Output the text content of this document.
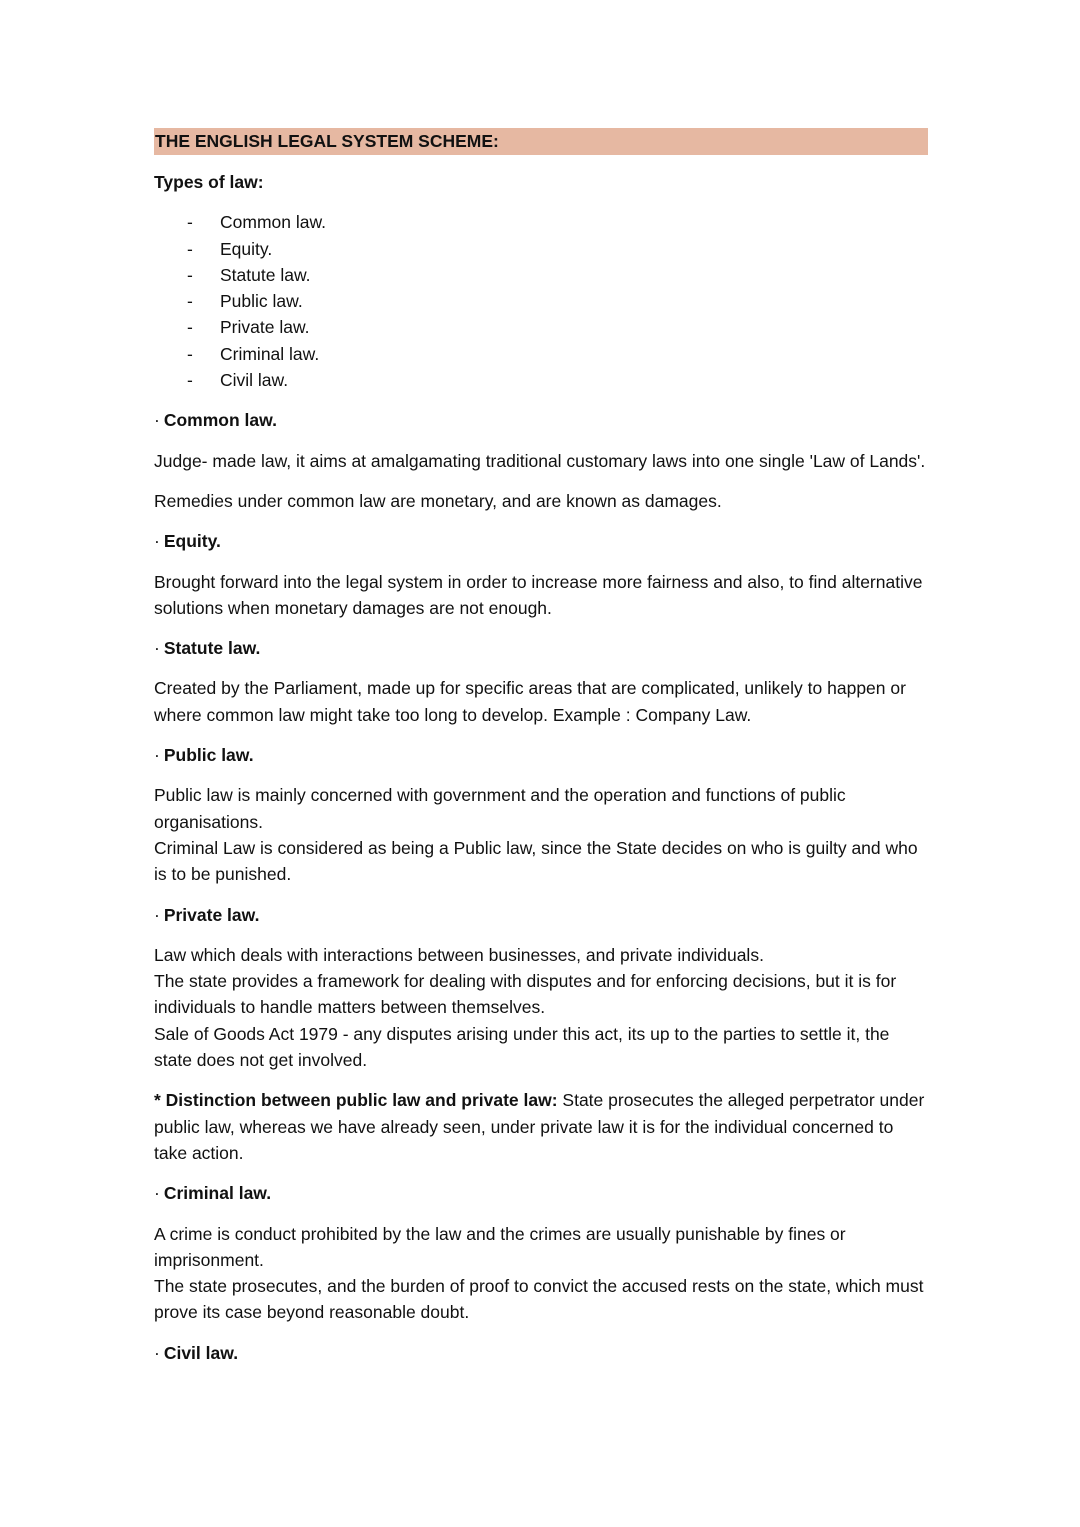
THE ENGLISH LEGAL SYSTEM SCHEME:
Types of law:
- Common law.
- Equity.
- Statute law.
- Public law.
- Private law.
- Criminal law.
- Civil law.
· Common law.

Judge- made law, it aims at amalgamating traditional customary laws into one single 'Law of Lands'.

Remedies under common law are monetary, and are known as damages.

· Equity.

Brought forward into the legal system in order to increase more fairness and also, to find alternative solutions when monetary damages are not enough.

· Statute law.

Created by the Parliament, made up for specific areas that are complicated, unlikely to happen or where common law might take too long to develop. Example : Company Law.

· Public law.

Public law is mainly concerned with government and the operation and functions of public organisations.
Criminal Law is considered as being a Public law, since the State decides on who is guilty and who is to be punished.

· Private law.

Law which deals with interactions between businesses, and private individuals.
The state provides a framework for dealing with disputes and for enforcing decisions, but it is for individuals to handle matters between themselves.
Sale of Goods Act 1979 - any disputes arising under this act, its up to the parties to settle it, the state does not get involved.

* Distinction between public law and private law: State prosecutes the alleged perpetrator under public law, whereas we have already seen, under private law it is for the individual concerned to take action.

· Criminal law.

A crime is conduct prohibited by the law and the crimes are usually punishable by fines or imprisonment.
The state prosecutes, and the burden of proof to convict the accused rests on the state, which must prove its case beyond reasonable doubt.

· Civil law.
